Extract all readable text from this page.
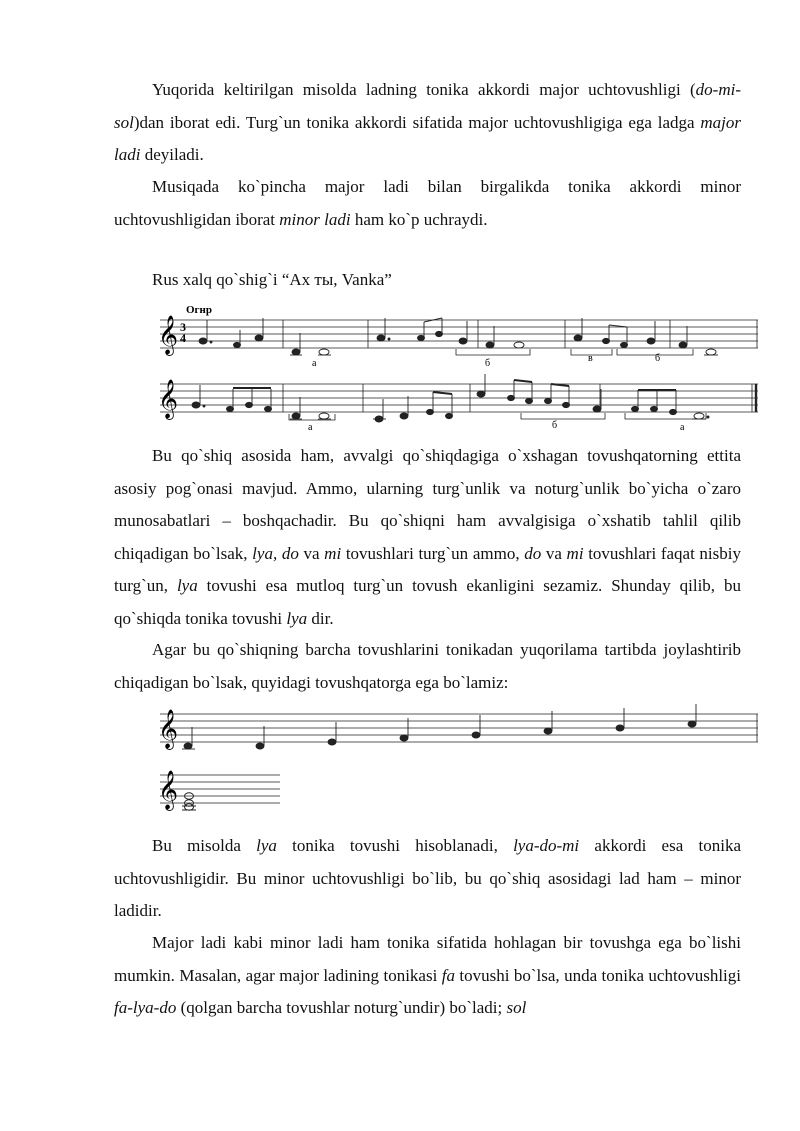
Yuqorida keltirilgan misolda ladning tonika akkordi major uchtovushligi (do-mi-sol)dan iborat edi. Turg`un tonika akkordi sifatida major uchtovushligiga ega ladga major ladi deyiladi.

Musiqada ko`pincha major ladi bilan birgalikda tonika akkordi minor uchtovushligidan iborat minor ladi ham ko`p uchraydi.

Rus xalq qo`shig`i “Ах ты, Vanka”

𝄞 3
4
Огнр
а	б	в	б
𝄞
а	б	а

Bu qo`shiq asosida ham, avvalgi qo`shiqdagiga o`xshagan tovushqatorning ettita asosiy pog`onasi mavjud. Ammo, ularning turg`unlik va noturg`unlik bo`yicha o`zaro munosabatlari – boshqachadir. Bu qo`shiqni ham avvalgisiga o`xshatib tahlil qilib chiqadigan bo`lsak, lya, do va mi tovushlari turg`un ammo, do va mi tovushlari faqat nisbiy turg`un, lya tovushi esa mutloq turg`un tovush ekanligini sezamiz. Shunday qilib, bu qo`shiqda tonika tovushi lya dir.

Agar bu qo`shiqning barcha tovushlarini tonikadan yuqorilama tartibda joylashtirib chiqadigan bo`lsak, quyidagi tovushqatorga ega bo`lamiz:

𝄞
𝄞

Bu misolda lya tonika tovushi hisoblanadi, lya-do-mi akkordi esa tonika uchtovushligidir. Bu minor uchtovushligi bo`lib, bu qo`shiq asosidagi lad ham – minor ladidir.

Major ladi kabi minor ladi ham tonika sifatida hohlagan bir tovushga ega bo`lishi mumkin. Masalan, agar major ladining tonikasi fa tovushi bo`lsa, unda tonika uchtovushligi fa-lya-do (qolgan barcha tovushlar noturg`undir) bo`ladi; sol
